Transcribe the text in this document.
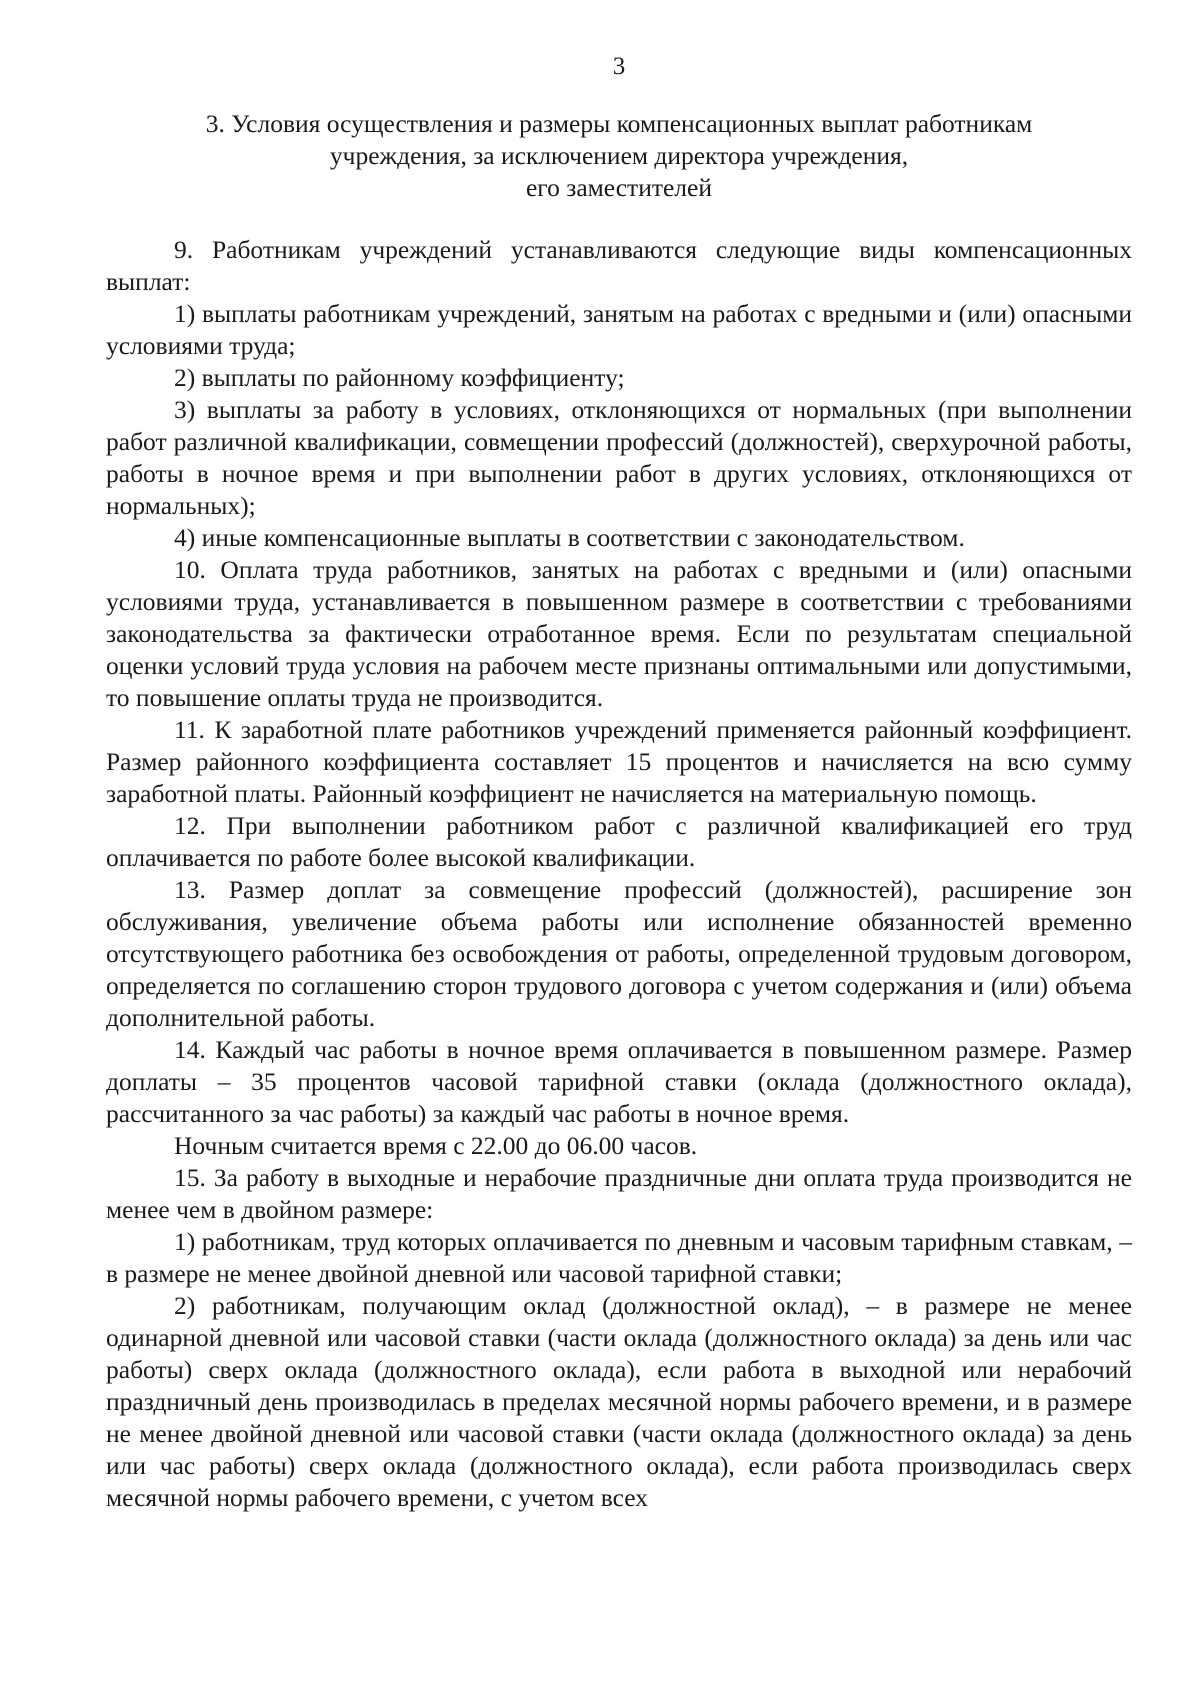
3
3. Условия осуществления и размеры компенсационных выплат работникам
учреждения, за исключением директора учреждения,
его заместителей

9. Работникам учреждений устанавливаются следующие виды компенсационных выплат:

1) выплаты работникам учреждений, занятым на работах с вредными и (или) опасными условиями труда;

2) выплаты по районному коэффициенту;

3) выплаты за работу в условиях, отклоняющихся от нормальных (при выполнении работ различной квалификации, совмещении профессий (должностей), сверхурочной работы, работы в ночное время и при выполнении работ в других условиях, отклоняющихся от нормальных);

4) иные компенсационные выплаты в соответствии с законодательством.

10. Оплата труда работников, занятых на работах с вредными и (или) опасными условиями труда, устанавливается в повышенном размере в соответствии с требованиями законодательства за фактически отработанное время. Если по результатам специальной оценки условий труда условия на рабочем месте признаны оптимальными или допустимыми, то повышение оплаты труда не производится.

11. К заработной плате работников учреждений применяется районный коэффициент. Размер районного коэффициента составляет 15 процентов и начисляется на всю сумму заработной платы. Районный коэффициент не начисляется на материальную помощь.

12. При выполнении работником работ с различной квалификацией его труд оплачивается по работе более высокой квалификации.

13. Размер доплат за совмещение профессий (должностей), расширение зон обслуживания, увеличение объема работы или исполнение обязанностей временно отсутствующего работника без освобождения от работы, определенной трудовым договором, определяется по соглашению сторон трудового договора с учетом содержания и (или) объема дополнительной работы.

14. Каждый час работы в ночное время оплачивается в повышенном размере. Размер доплаты – 35 процентов часовой тарифной ставки (оклада (должностного оклада), рассчитанного за час работы) за каждый час работы в ночное время.

Ночным считается время с 22.00 до 06.00 часов.

15. За работу в выходные и нерабочие праздничные дни оплата труда производится не менее чем в двойном размере:

1) работникам, труд которых оплачивается по дневным и часовым тарифным ставкам, – в размере не менее двойной дневной или часовой тарифной ставки;

2) работникам, получающим оклад (должностной оклад), – в размере не менее одинарной дневной или часовой ставки (части оклада (должностного оклада) за день или час работы) сверх оклада (должностного оклада), если работа в выходной или нерабочий праздничный день производилась в пределах месячной нормы рабочего времени, и в размере не менее двойной дневной или часовой ставки (части оклада (должностного оклада) за день или час работы) сверх оклада (должностного оклада), если работа производилась сверх месячной нормы рабочего времени, с учетом всех
